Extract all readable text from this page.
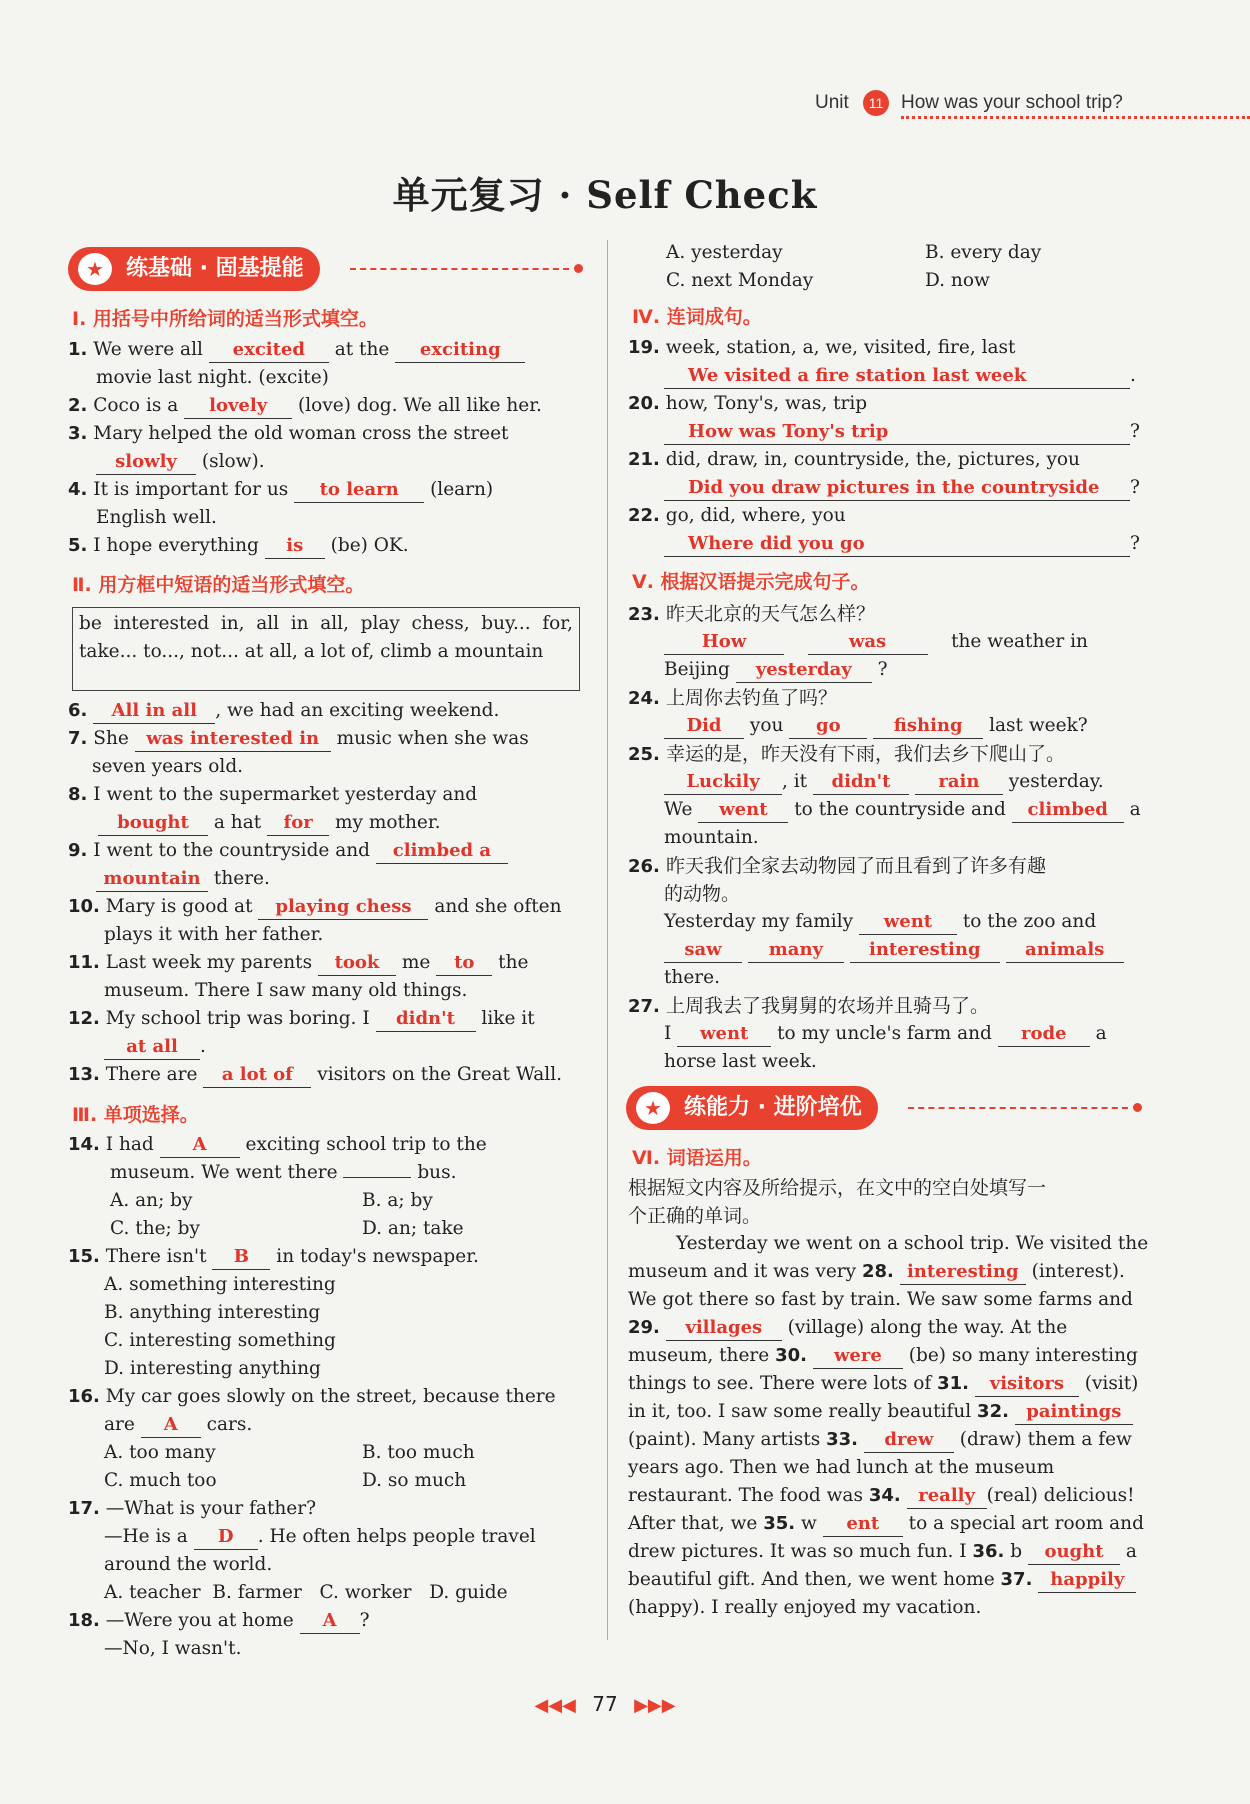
Unit	11 How was your school trip?
单元复习 · Self Check
练基础 · 固基提能
★
Ⅰ. 用括号中所给词的适当形式填空。
1. We were all excited at the exciting
movie last night. (excite)
2. Coco is a lovely (love) dog. We all like her.
3. Mary helped the old woman cross the street
slowly (slow).
4. It is important for us to learn (learn)
English well.
5. I hope everything is (be) OK.
Ⅱ. 用方框中短语的适当形式填空。
be interested in, all in all, play chess, buy... for, take... to..., not... at all, a lot of, climb a mountain
6. All in all , we had an exciting weekend.
7. She was interested in music when she was
seven years old.
8. I went to the supermarket yesterday and
bought a hat for my mother.
9. I went to the countryside and climbed a
mountain there.
10. Mary is good at playing chess and she often
plays it with her father.
11. Last week my parents took me to the
museum. There I saw many old things.
12. My school trip was boring. I didn't like it
at all .
13. There are a lot of visitors on the Great Wall.
Ⅲ. 单项选择。
14. I had A exciting school trip to the
museum. We went there	bus.
A. an; by	B. a; by
C. the; by	D. an; take
15. There isn't B in today's newspaper.
A. something interesting
B. anything interesting
C. interesting something
D. interesting anything
16. My car goes slowly on the street, because there
are A cars.
A. too many	B. too much
C. much too	D. so much
17. —What is your father?
—He is a D . He often helps people travel
around the world.
A. teacher B. farmer C. worker D. guide
18. —Were you at home A ?
—No, I wasn't.
A. yesterday	B. every day
C. next Monday	D. now
Ⅳ. 连词成句。
19. week, station, a, we, visited, fire, last
We visited a fire station last week	.
20. how, Tony's, was, trip
How was Tony's trip	?
21. did, draw, in, countryside, the, pictures, you
Did you draw pictures in the countryside ?
22. go, did, where, you
Where did you go	?
Ⅴ. 根据汉语提示完成句子。
23. 昨天北京的天气怎么样？
How	was	the weather in
Beijing yesterday ?
24. 上周你去钓鱼了吗？
Did you go	fishing last week?
25. 幸运的是，昨天没有下雨，我们去乡下爬山了。
Luckily , it didn't	rain yesterday.
We went to the countryside and climbed a
mountain.
26. 昨天我们全家去动物园了而且看到了许多有趣
的动物。
Yesterday my family went to the zoo and
saw	many	interesting animals
there.
27. 上周我去了我舅舅的农场并且骑马了。
I went to my uncle's farm and rode a
horse last week.
练能力 · 进阶培优
★
Ⅵ. 词语运用。
根据短文内容及所给提示，在文中的空白处填写一
个正确的单词。
Yesterday we went on a school trip. We visited the
museum and it was very 28. interesting (interest).
We got there so fast by train. We saw some farms and
29. villages (village) along the way. At the
museum, there 30. were (be) so many interesting
things to see. There were lots of 31. visitors (visit)
in it, too. I saw some really beautiful 32. paintings
(paint). Many artists 33. drew (draw) them a few
years ago. Then we had lunch at the museum
restaurant. The food was 34. really (real) delicious!
After that, we 35. w ent to a special art room and
drew pictures. It was so much fun. I 36. b ought a
beautiful gift. And then, we went home 37. happily
(happy). I really enjoyed my vacation.
◀◀◀ 77 ▶▶▶
